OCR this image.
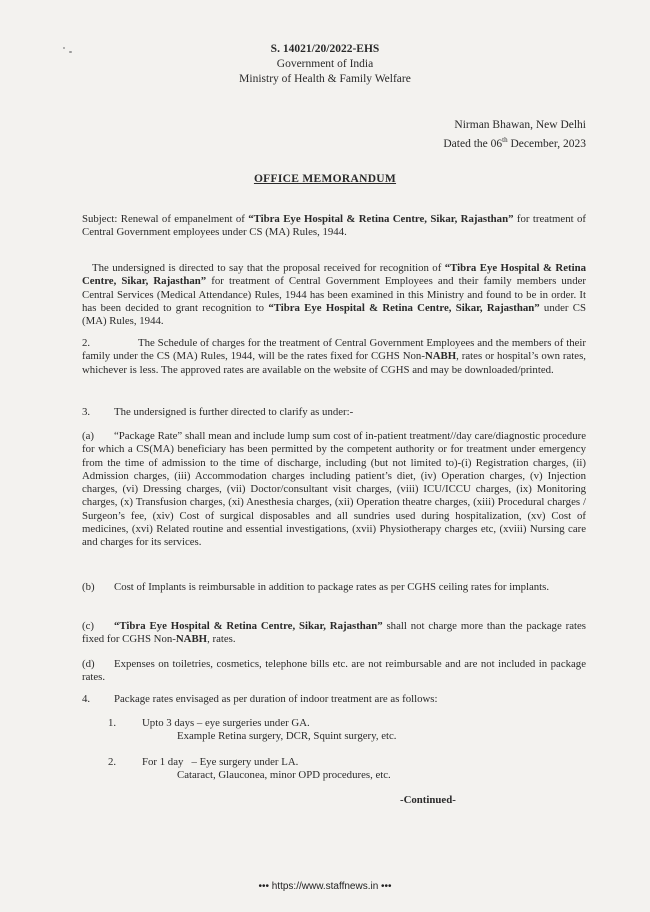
S. 14021/20/2022-EHS
Government of India
Ministry of Health & Family Welfare
Nirman Bhawan, New Delhi
Dated the 06th December, 2023
OFFICE MEMORANDUM
Subject: Renewal of empanelment of “Tibra Eye Hospital & Retina Centre, Sikar, Rajasthan” for treatment of Central Government employees under CS (MA) Rules, 1944.
The undersigned is directed to say that the proposal received for recognition of “Tibra Eye Hospital & Retina Centre, Sikar, Rajasthan” for treatment of Central Government Employees and their family members under Central Services (Medical Attendance) Rules, 1944 has been examined in this Ministry and found to be in order. It has been decided to grant recognition to “Tibra Eye Hospital & Retina Centre, Sikar, Rajasthan” under CS (MA) Rules, 1944.
2.	The Schedule of charges for the treatment of Central Government Employees and the members of their family under the CS (MA) Rules, 1944, will be the rates fixed for CGHS Non-NABH, rates or hospital’s own rates, whichever is less. The approved rates are available on the website of CGHS and may be downloaded/printed.
3. The undersigned is further directed to clarify as under:-
(a) “Package Rate” shall mean and include lump sum cost of in-patient treatment//day care/diagnostic procedure for which a CS(MA) beneficiary has been permitted by the competent authority or for treatment under emergency from the time of admission to the time of discharge, including (but not limited to)-(i) Registration charges, (ii) Admission charges, (iii) Accommodation charges including patient’s diet, (iv) Operation charges, (v) Injection charges, (vi) Dressing charges, (vii) Doctor/consultant visit charges, (viii) ICU/ICCU charges, (ix) Monitoring charges, (x) Transfusion charges, (xi) Anesthesia charges, (xii) Operation theatre charges, (xiii) Procedural charges / Surgeon’s fee, (xiv) Cost of surgical disposables and all sundries used during hospitalization, (xv) Cost of medicines, (xvi) Related routine and essential investigations, (xvii) Physiotherapy charges etc, (xviii) Nursing care and charges for its services.
(b) Cost of Implants is reimbursable in addition to package rates as per CGHS ceiling rates for implants.
(c) “Tibra Eye Hospital & Retina Centre, Sikar, Rajasthan” shall not charge more than the package rates fixed for CGHS Non-NABH, rates.
(d) Expenses on toiletries, cosmetics, telephone bills etc. are not reimbursable and are not included in package rates.
4. Package rates envisaged as per duration of indoor treatment are as follows:
1. Upto 3 days – eye surgeries under GA.
Example Retina surgery, DCR, Squint surgery, etc.
2. For 1 day   – Eye surgery under LA.
Cataract, Glauconea, minor OPD procedures, etc.
-Continued-
••• https://www.staffnews.in •••
